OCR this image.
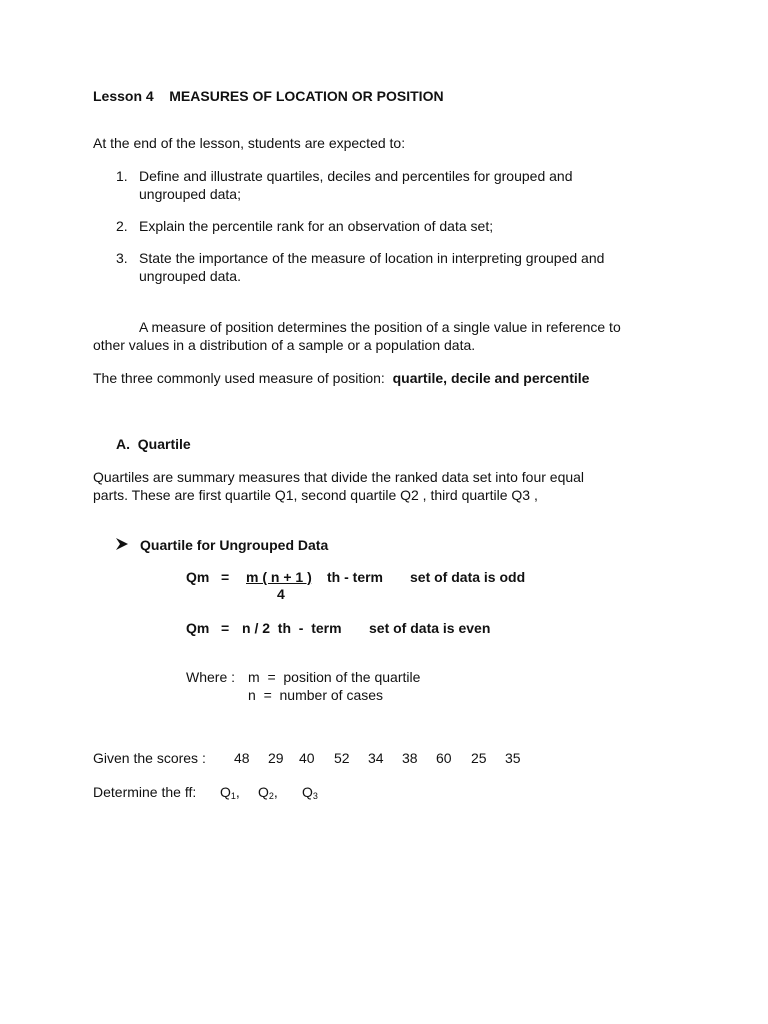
Lesson 4 MEASURES OF LOCATION OR POSITION
At the end of the lesson, students are expected to:
1. Define and illustrate quartiles, deciles and percentiles for grouped and
ungrouped data;
2. Explain the percentile rank for an observation of data set;
3. State the importance of the measure of location in interpreting grouped and
ungrouped data.
A measure of position determines the position of a single value in reference to
other values in a distribution of a sample or a population data.
The three commonly used measure of position: quartile, decile and percentile
A. Quartile
Quartiles are summary measures that divide the ranked data set into four equal
parts. These are first quartile Q1, second quartile Q2 , third quartile Q3 ,
Quartile for Ungrouped Data
Qm = m ( n + 1 ) th - term set of data is odd
4
Qm = n / 2  th  -  term set of data is even
Where : m  =  position of the quartile
n  =  number of cases
Given the scores : 48 29 40 52 34 38 60 25 35
Determine the ff: $Q_1$, $Q_2$, $Q_3$
